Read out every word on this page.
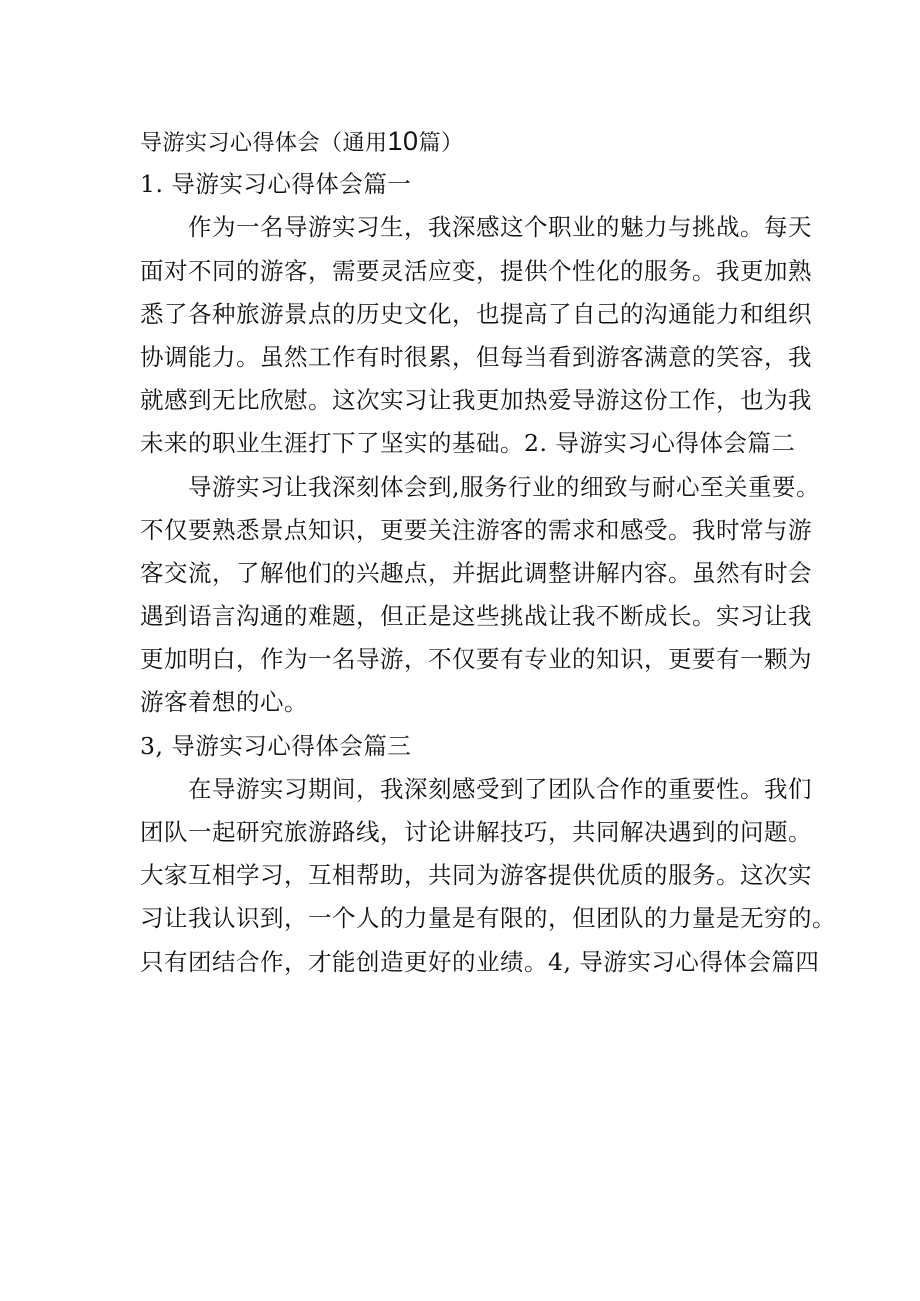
导游实习心得体会（通用10篇）
1. 导游实习心得体会篇一
作为一名导游实习生，我深感这个职业的魅力与挑战。每天
面对不同的游客，需要灵活应变，提供个性化的服务。我更加熟
悉了各种旅游景点的历史文化，也提高了自己的沟通能力和组织
协调能力。虽然工作有时很累，但每当看到游客满意的笑容，我
就感到无比欣慰。这次实习让我更加热爱导游这份工作，也为我
未来的职业生涯打下了坚实的基础。2. 导游实习心得体会篇二
导游实习让我深刻体会到,服务行业的细致与耐心至关重要。
不仅要熟悉景点知识，更要关注游客的需求和感受。我时常与游
客交流，了解他们的兴趣点，并据此调整讲解内容。虽然有时会
遇到语言沟通的难题，但正是这些挑战让我不断成长。实习让我
更加明白，作为一名导游，不仅要有专业的知识，更要有一颗为
游客着想的心。
3, 导游实习心得体会篇三
在导游实习期间，我深刻感受到了团队合作的重要性。我们
团队一起研究旅游路线，讨论讲解技巧，共同解决遇到的问题。
大家互相学习，互相帮助，共同为游客提供优质的服务。这次实
习让我认识到，一个人的力量是有限的，但团队的力量是无穷的。
只有团结合作，才能创造更好的业绩。4, 导游实习心得体会篇四
